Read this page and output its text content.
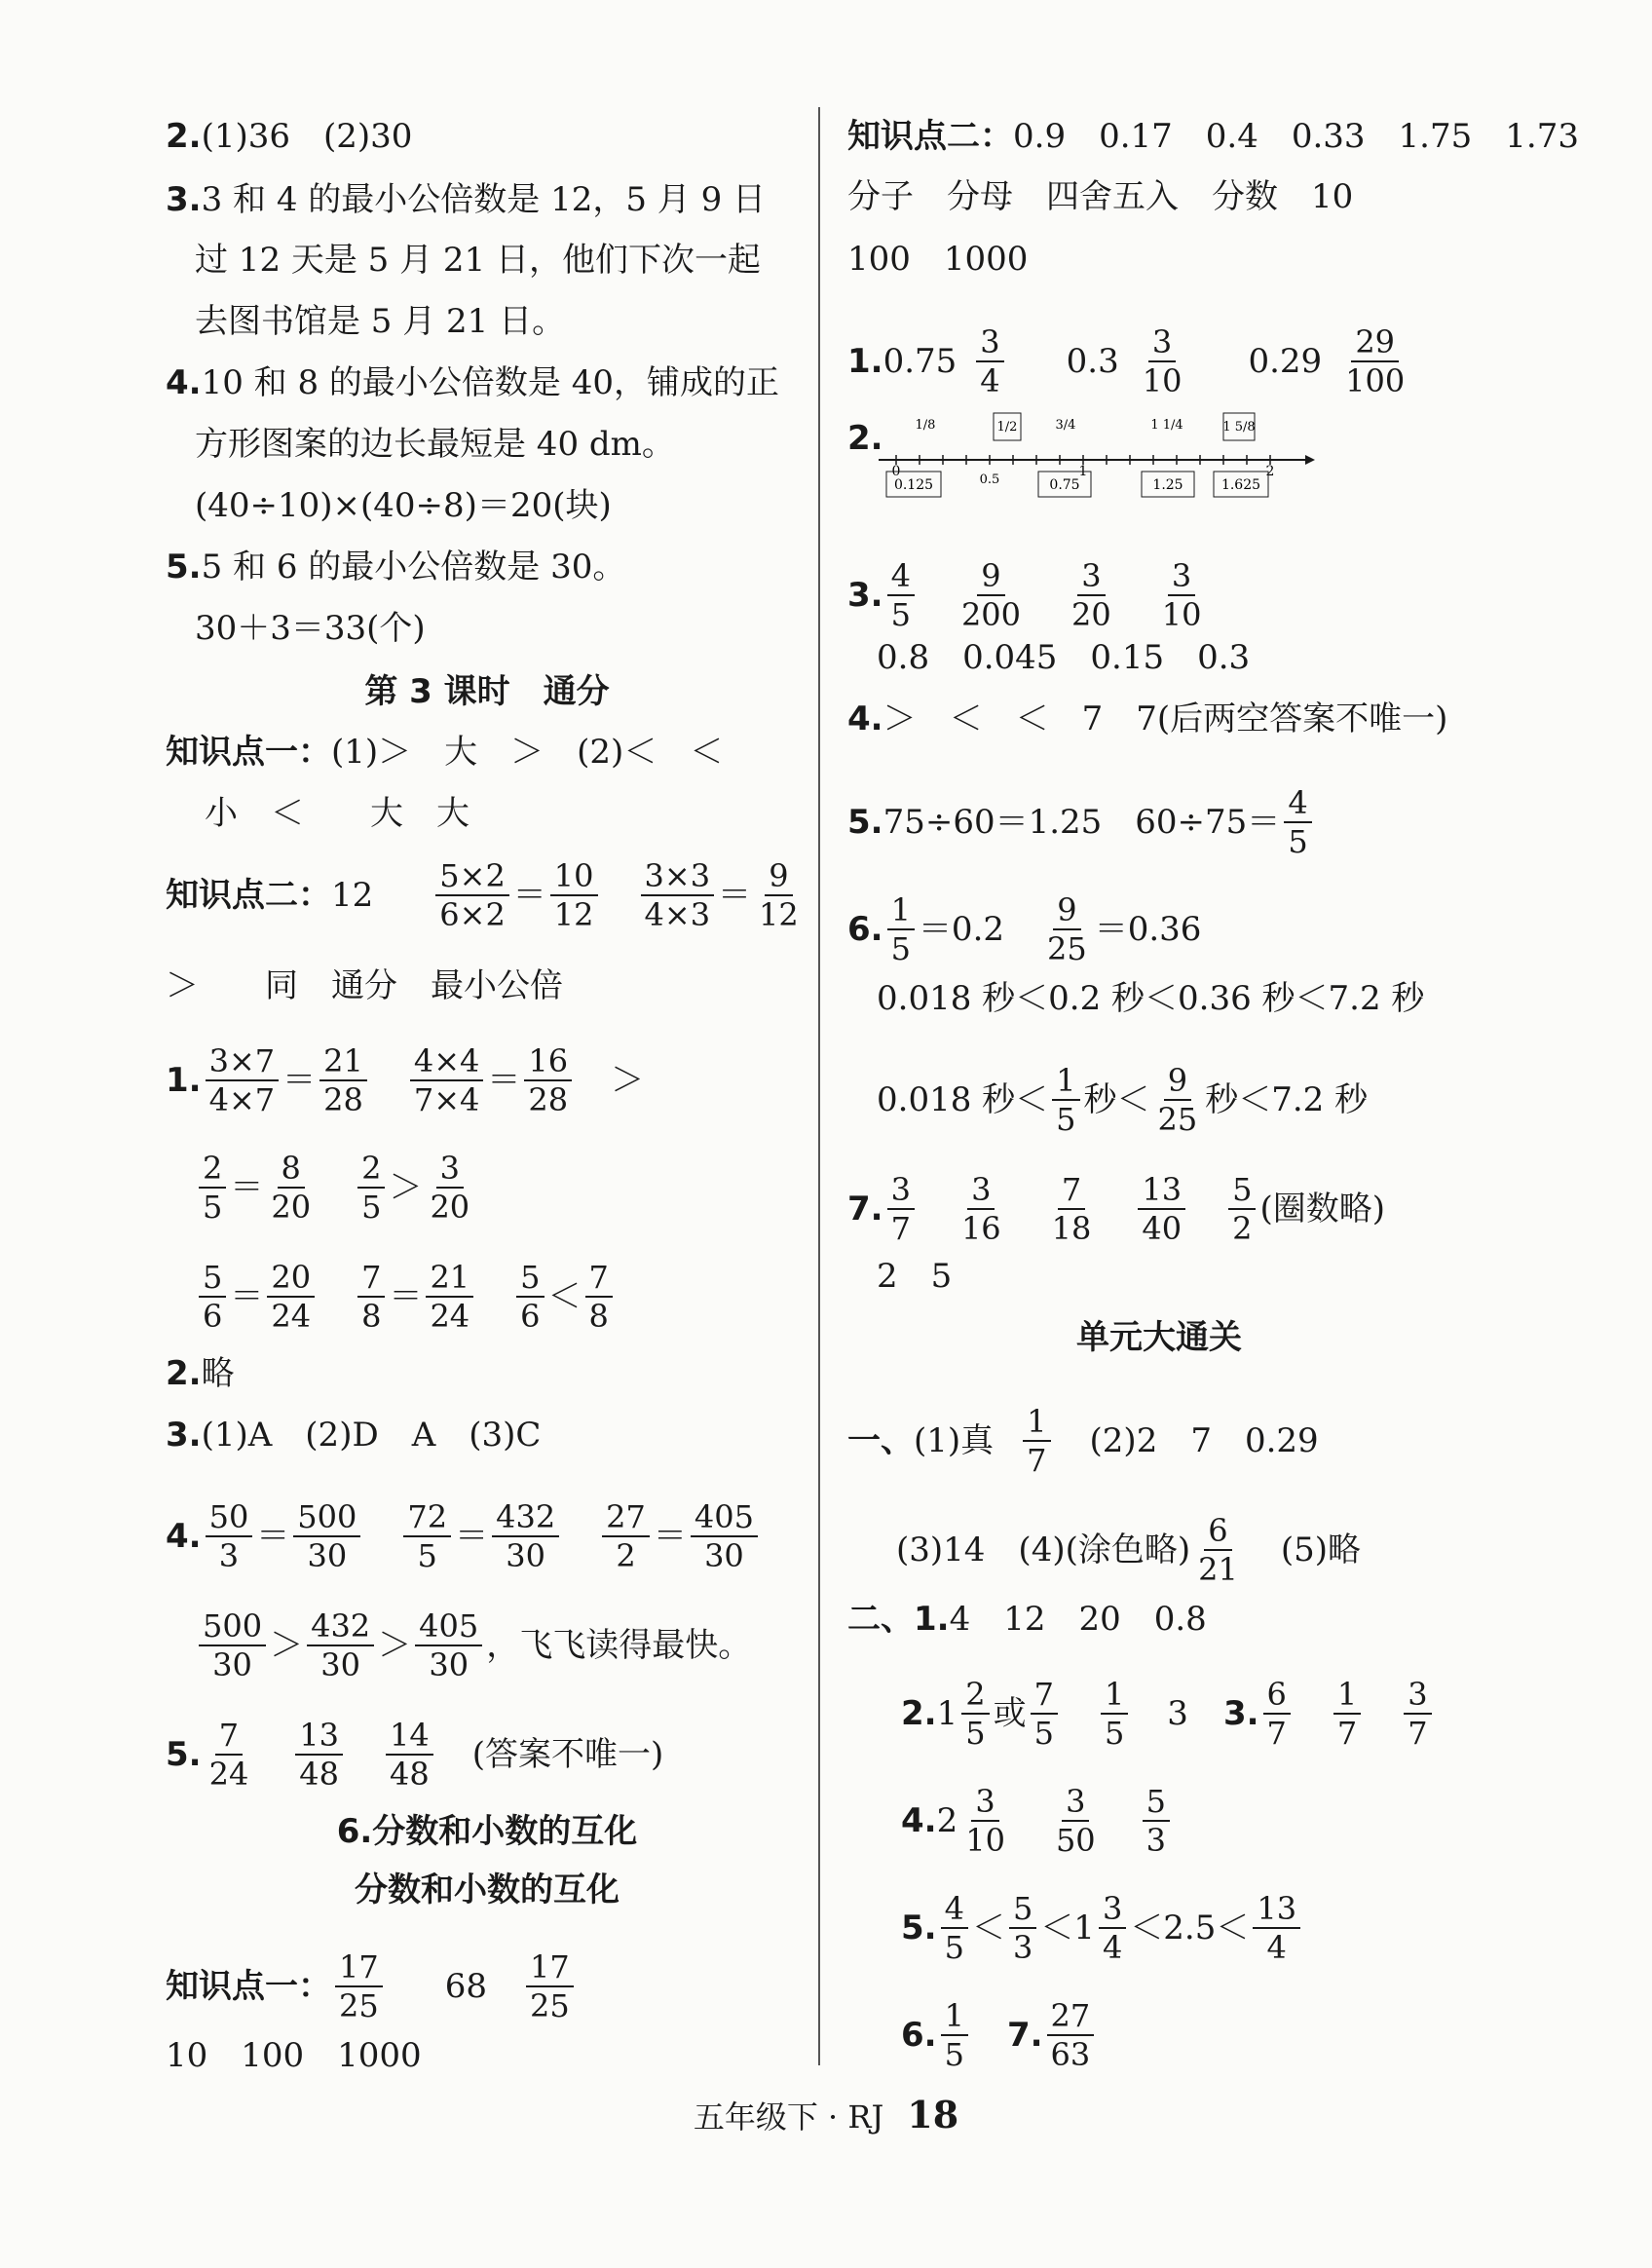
2. (1)36　(2)30
3. 3 和 4 的最小公倍数是 12，5 月 9 日
过 12 天是 5 月 21 日，他们下次一起
去图书馆是 5 月 21 日。
4. 10 和 8 的最小公倍数是 40，铺成的正
方形图案的边长最短是 40 dm。
(40÷10)×(40÷8)＝20(块)
5. 5 和 6 的最小公倍数是 30。
30＋3＝33(个)
第 3 课时　通分
知识点一： (1)＞　大　＞　(2)＜　＜
小　＜　　大　大
知识点二： $12 \frac{5\times 2}{6\times 2} = \frac{10}{12} \frac{3\times 3}{4\times 3} = \frac{9}{12}$
＞　　同　通分　最小公倍
1. $\frac{3\times 7}{4\times 7} = \frac{21}{28} \frac{4\times 4}{7\times 4} = \frac{16}{28}$ ＞
$\frac{2}{5} = \frac{8}{20} \frac{2}{5} > \frac{3}{20}$
$\frac{5}{6} = \frac{20}{24} \frac{7}{8} = \frac{21}{24} \frac{5}{6} < \frac{7}{8}$
2. 略
3. (1)A　(2)D　A　(3)C
4. $\frac{50}{3} = \frac{500}{30} \frac{72}{5} = \frac{432}{30} \frac{27}{2} = \frac{405}{30}$
$\frac{500}{30} > \frac{432}{30} > \frac{405}{30}$ ，飞飞读得最快。
5. $\frac{7}{24} \frac{13}{48} \frac{14}{48}$ (答案不唯一)
6.分数和小数的互化
分数和小数的互化
知识点一： $\frac{17}{25} 68 \frac{17}{25}$
10　100　1000
知识点二： 0.9　0.17　0.4　0.33　1.75　1.73
分子　分母　四舍五入　分数　10
100　1000
1. $0.75 \frac{3}{4} 0.3 \frac{3}{10} 0.29 \frac{29}{100}$
2.	1/8	1/2	3/4	1 1/4	1 5/8
0
0.5
1	2
0.125	0.75	1.25	1.625
3. $\frac{4}{5} \frac{9}{200} \frac{3}{20} \frac{3}{10}$
0.8　0.045　0.15　0.3
4. ＞　＜　＜　7　7(后两空答案不唯一)
5. 75÷60＝1.25　$60\div 75= \frac{4}{5}$
6. $\frac{1}{5} =0.2 \frac{9}{25} =0.36$
0.018 秒＜0.2 秒＜0.36 秒＜7.2 秒
0.018 秒＜ $\frac{1}{5}$ 秒＜ $\frac{9}{25}$ 秒＜7.2 秒
7. $\frac{3}{7} \frac{3}{16} \frac{7}{18} \frac{13}{40} \frac{5}{2}$ (圈数略)
2　5
单元大通关
一、 (1)真 $\frac{1}{7} (2)2$　7　0.29
(3)14　(4)(涂色略) $\frac{6}{21} (5)$略
二、 1. 4　12　20　0.8
2. $1 \frac{2}{5}$ 或 $\frac{7}{5} \frac{1}{5} 3$ 3. $\frac{6}{7} \frac{1}{7} \frac{3}{7}$
4. $2 \frac{3}{10} \frac{3}{50} \frac{5}{3}$
5. $\frac{4}{5} < \frac{5}{3} <1 \frac{3}{4} <2.5< \frac{13}{4}$
6. $\frac{1}{5} 7$. $\frac{27}{63}$
五年级下 · RJ 18
